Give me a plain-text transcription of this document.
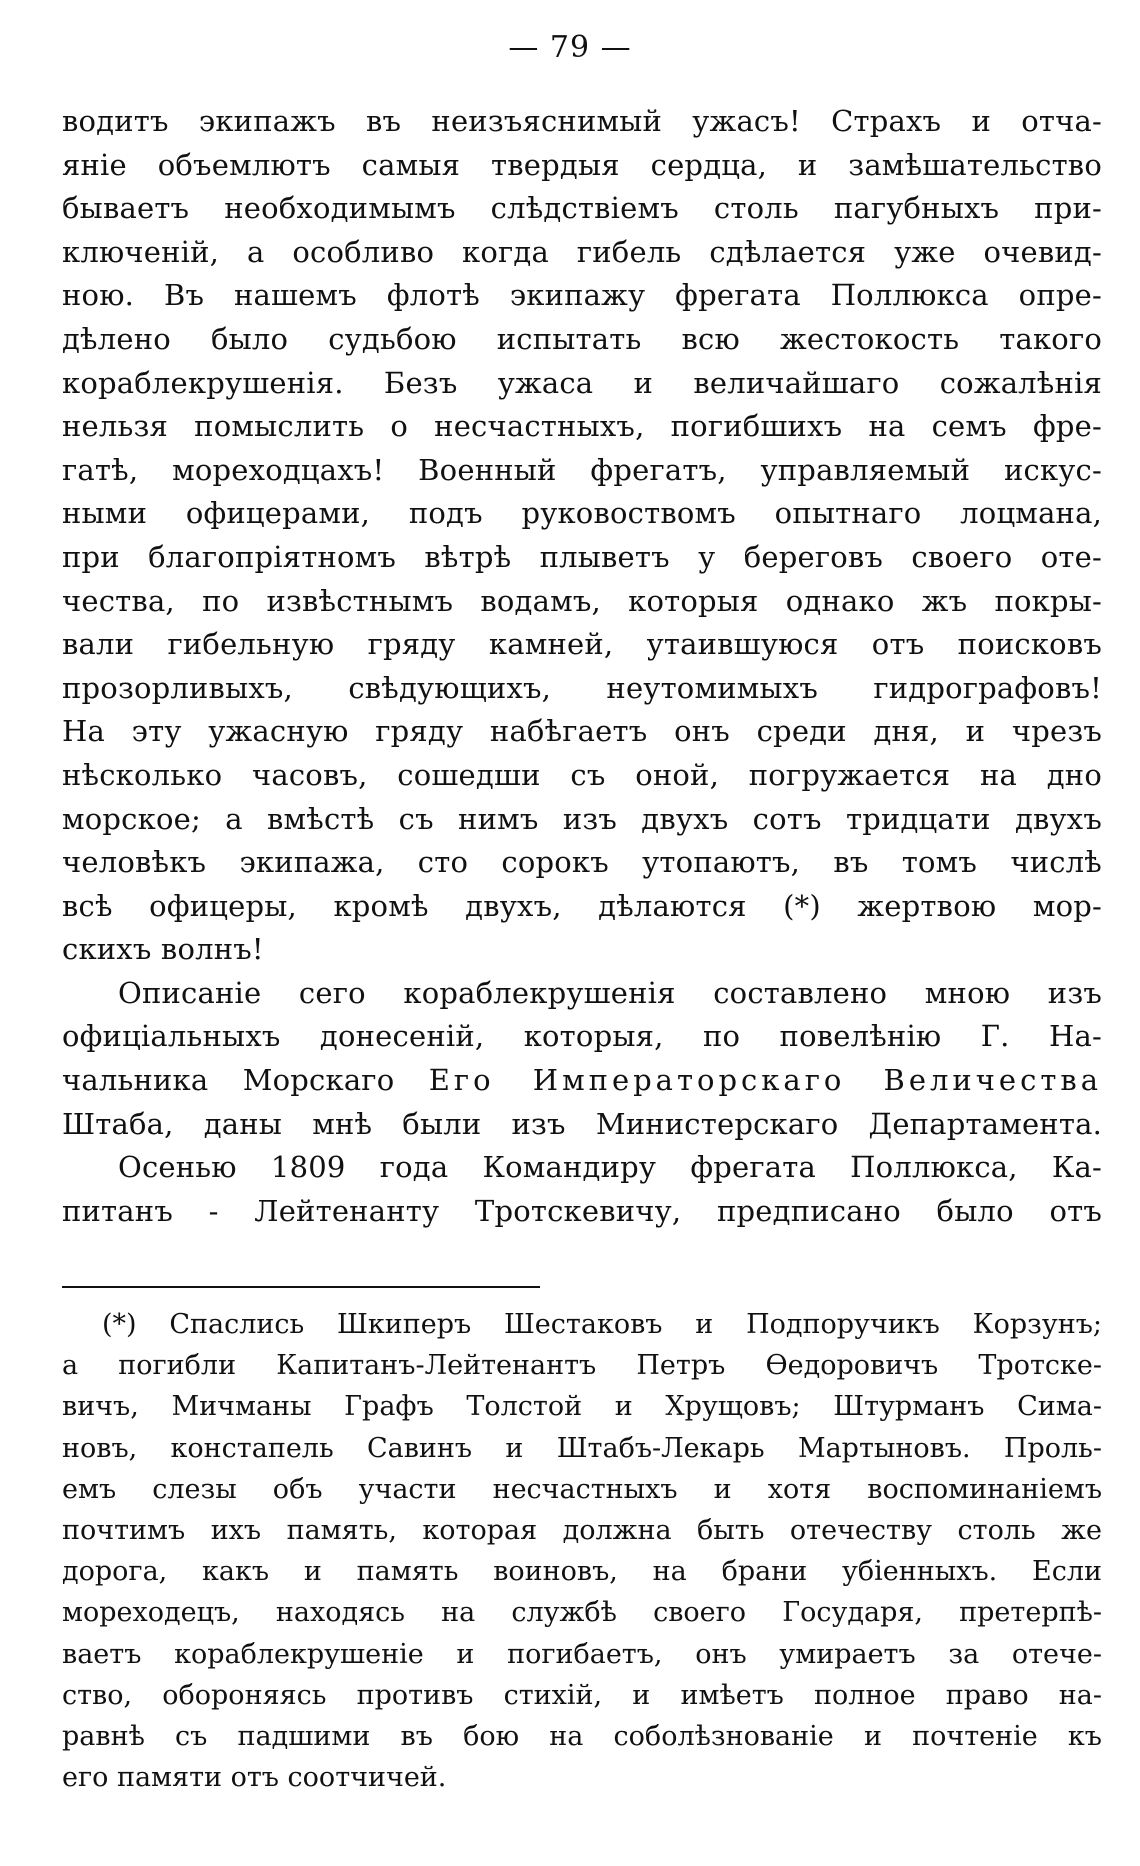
— 79 —
водитъ экипажъ въ неизъяснимый ужасъ! Страхъ и отча-
яніе объемлютъ самыя твердыя сердца, и замѣшательство
бываетъ необходимымъ слѣдствіемъ столь пагубныхъ при-
ключеній, а особливо когда гибель сдѣлается уже очевид-
ною. Въ нашемъ флотѣ экипажу фрегата Поллюкса опре-
дѣлено было судьбою испытать всю жестокость такого
кораблекрушенія. Безъ ужаса и величайшаго сожалѣнія
нельзя помыслить о несчастныхъ, погибшихъ на семъ фре-
гатѣ, мореходцахъ! Военный фрегатъ, управляемый искус-
ными офицерами, подъ руковоствомъ опытнаго лоцмана,
при благопріятномъ вѣтрѣ плыветъ у береговъ своего оте-
чества, по извѣстнымъ водамъ, которыя однако жъ покры-
вали гибельную гряду камней, утаившуюся отъ поисковъ
прозорливыхъ, свѣдующихъ, неутомимыхъ гидрографовъ!
На эту ужасную гряду набѣгаетъ онъ среди дня, и чрезъ
нѣсколько часовъ, сошедши съ оной, погружается на дно
морское; а вмѣстѣ съ нимъ изъ двухъ сотъ тридцати двухъ
человѣкъ экипажа, сто сорокъ утопаютъ, въ томъ числѣ
всѣ офицеры, кромѣ двухъ, дѣлаются (*) жертвою мор-
скихъ волнъ!
Описаніе сего кораблекрушенія составлено мною изъ
офиціальныхъ донесеній, которыя, по повелѣнію Г. На-
чальника Морскаго Его Императорскаго Величества
Штаба, даны мнѣ были изъ Министерскаго Департамента.
Осенью 1809 года Командиру фрегата Поллюкса, Ка-
питанъ - Лейтенанту Тротскевичу, предписано было отъ
(*) Спаслись Шкиперъ Шестаковъ и Подпоручикъ Корзунъ;
а погибли Капитанъ-Лейтенантъ Петръ Ѳедоровичъ Тротске-
вичъ, Мичманы Графъ Толстой и Хрущовъ; Штурманъ Сима-
новъ, констапель Савинъ и Штабъ-Лекарь Мартыновъ. Проль-
емъ слезы объ участи несчастныхъ и хотя воспоминаніемъ
почтимъ ихъ память, которая должна быть отечеству столь же
дорога, какъ и память воиновъ, на брани убіенныхъ. Если
мореходецъ, находясь на службѣ своего Государя, претерпѣ-
ваетъ кораблекрушеніе и погибаетъ, онъ умираетъ за отече-
ство, обороняясь противъ стихій, и имѣетъ полное право на-
равнѣ съ падшими въ бою на соболѣзнованіе и почтеніе къ
его памяти отъ соотчичей.
